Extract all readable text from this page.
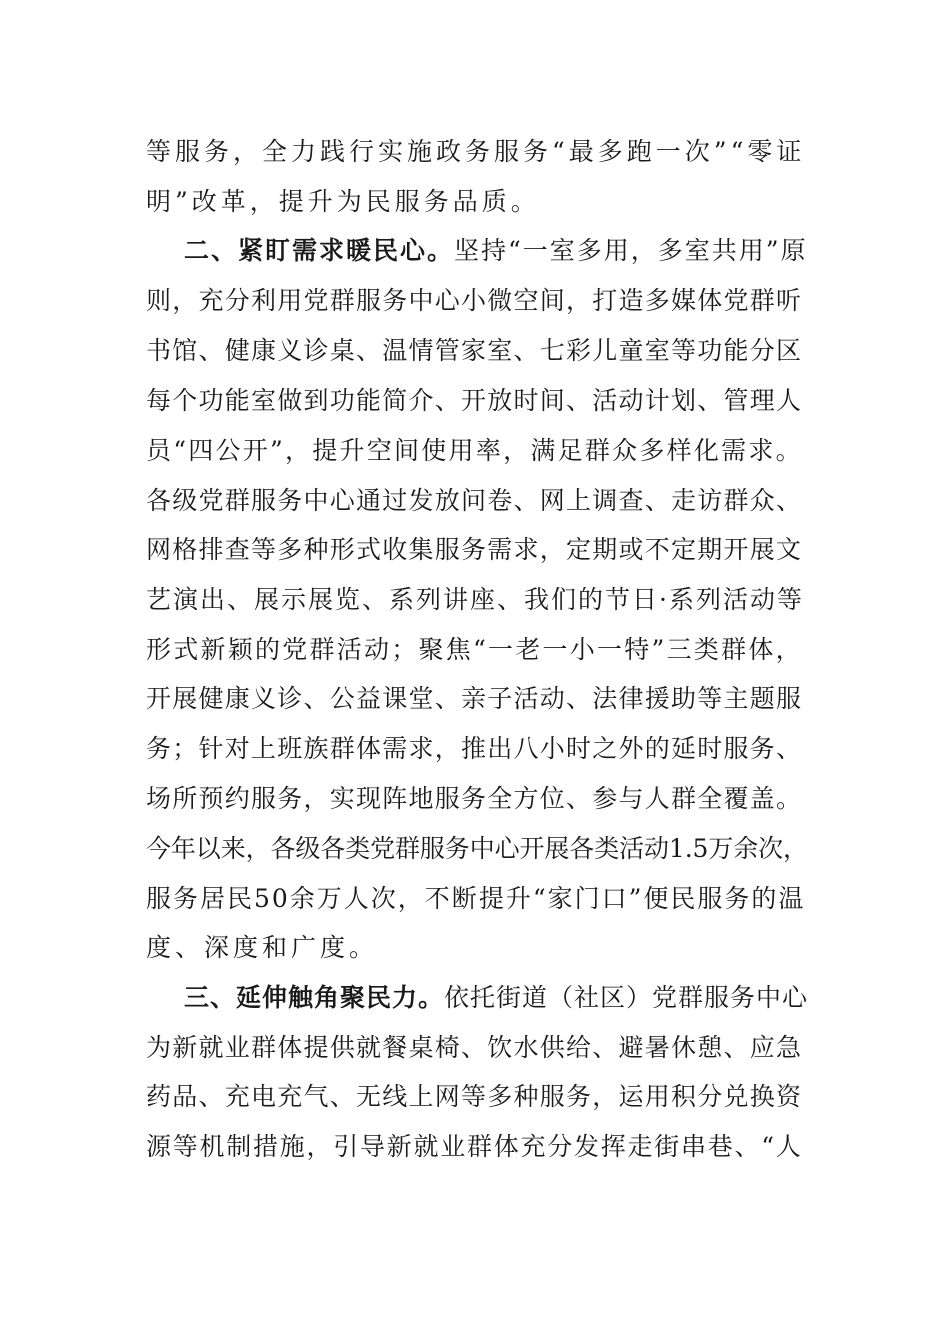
等服务，全力践行实施政务服务“最多跑一次”“零证
明”改革，提升为民服务品质。
二、紧盯需求暖民心。坚持“一室多用，多室共用”原
则，充分利用党群服务中心小微空间，打造多媒体党群听
书馆、健康义诊桌、温情管家室、七彩儿童室等功能分区
每个功能室做到功能简介、开放时间、活动计划、管理人
员“四公开”，提升空间使用率，满足群众多样化需求。
各级党群服务中心通过发放问卷、网上调查、走访群众、
网格排查等多种形式收集服务需求，定期或不定期开展文
艺演出、展示展览、系列讲座、我们的节日·系列活动等
形式新颖的党群活动；聚焦“一老一小一特”三类群体，
开展健康义诊、公益课堂、亲子活动、法律援助等主题服
务；针对上班族群体需求，推出八小时之外的延时服务、
场所预约服务，实现阵地服务全方位、参与人群全覆盖。
今年以来，各级各类党群服务中心开展各类活动1.5万余次，
服务居民50余万人次，不断提升“家门口”便民服务的温
度、深度和广度。
三、延伸触角聚民力。依托街道（社区）党群服务中心
为新就业群体提供就餐桌椅、饮水供给、避暑休憩、应急
药品、充电充气、无线上网等多种服务，运用积分兑换资
源等机制措施，引导新就业群体充分发挥走街串巷、“人
